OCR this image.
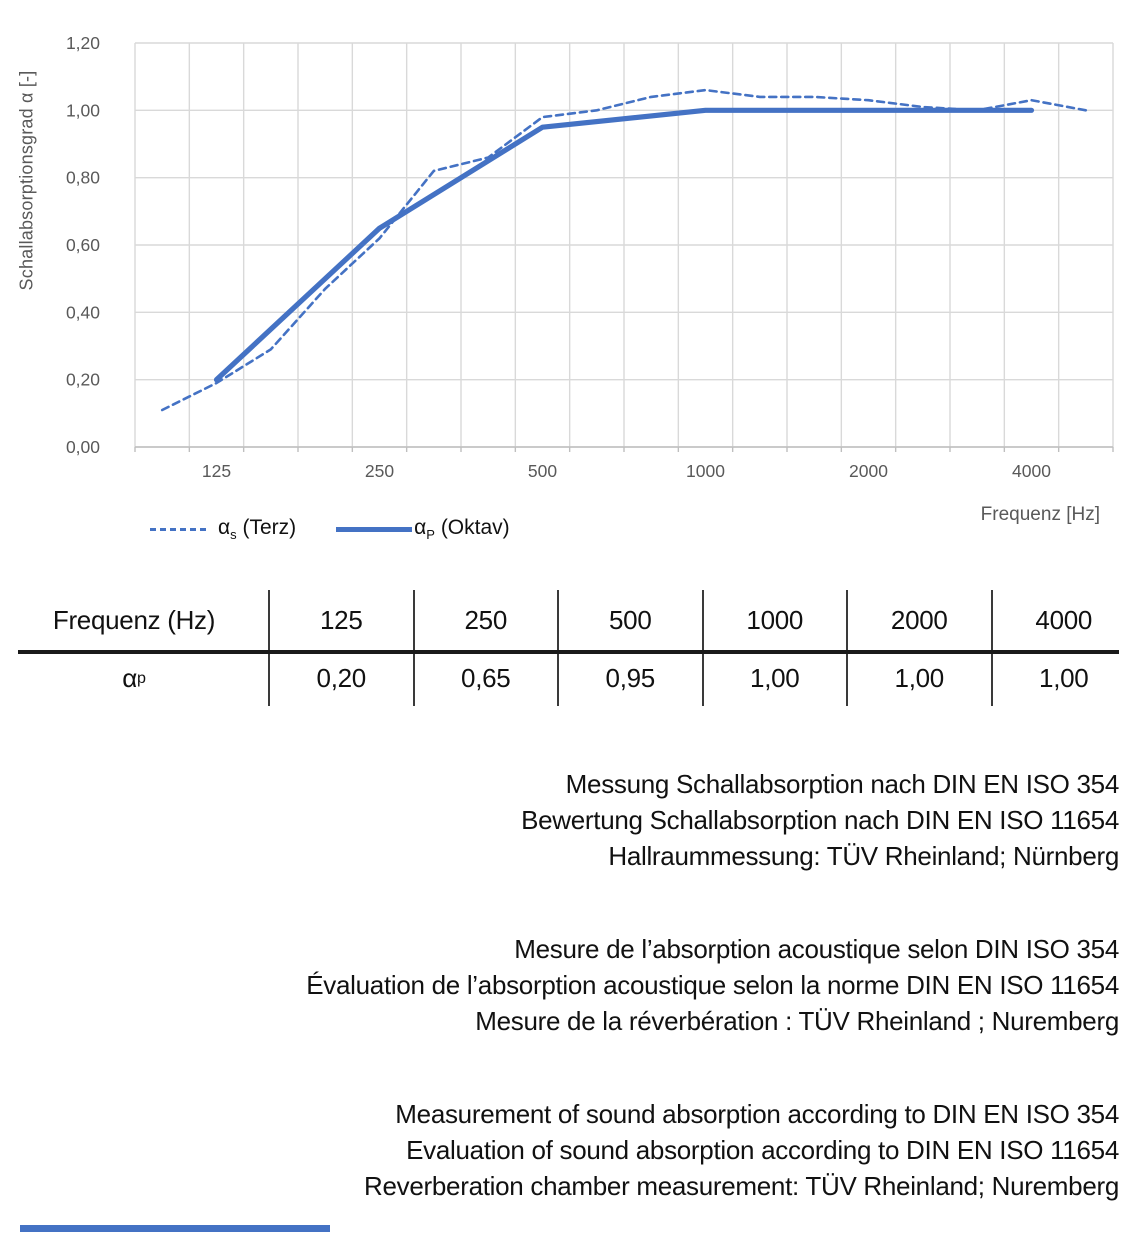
1,20
1,00
0,80
0,60
0,40
0,20
0,00
125	250	500	1000	2000	4000
Schallabsorptionsgrad α [-]
$\alpha_s$ (Terz)	$\alpha_P$ (Oktav)
Frequenz [Hz]
Frequenz (Hz)	125	250	500	1000	2000	4000
α p	0,20	0,65	0,95	1,00	1,00	1,00
Messung Schallabsorption nach DIN EN ISO 354
Bewertung Schallabsorption nach DIN EN ISO 11654
Hallraummessung: TÜV Rheinland; Nürnberg
Mesure de l’absorption acoustique selon DIN ISO 354
Évaluation de l’absorption acoustique selon la norme DIN EN ISO 11654
Mesure de la réverbération : TÜV Rheinland ; Nuremberg
Measurement of sound absorption according to DIN EN ISO 354
Evaluation of sound absorption according to DIN EN ISO 11654
Reverberation chamber measurement: TÜV Rheinland; Nuremberg
